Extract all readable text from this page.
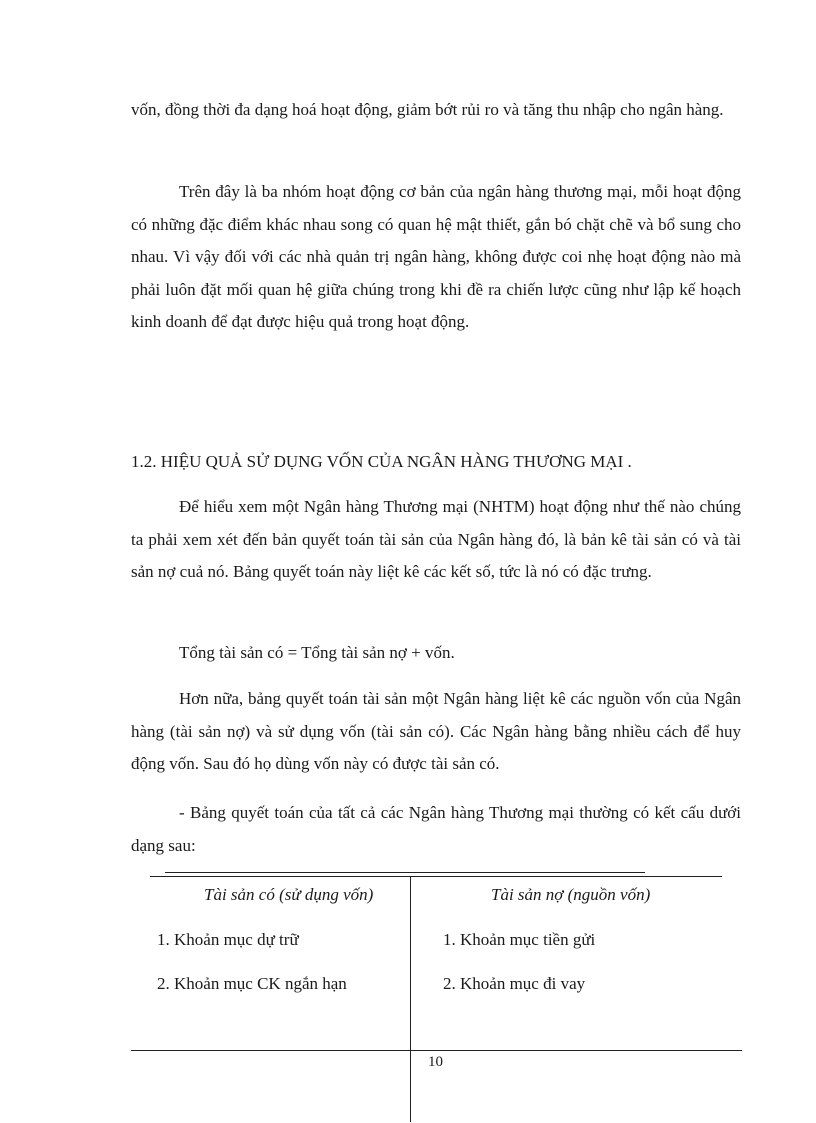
vốn, đồng thời đa dạng hoá hoạt động, giảm bớt rủi ro và tăng thu nhập cho ngân hàng.

Trên đây là ba nhóm hoạt động cơ bản của ngân hàng thương mại, mỗi hoạt động có những đặc điểm khác nhau song có quan hệ mật thiết, gắn bó chặt chẽ và bổ sung cho nhau. Vì vậy đối với các nhà quản trị ngân hàng, không được coi nhẹ hoạt động nào mà phải luôn đặt mối quan hệ giữa chúng trong khi đề ra chiến lược cũng như lập kế hoạch kinh doanh để đạt được hiệu quả trong hoạt động.

1.2. HIỆU QUẢ SỬ DỤNG VỐN CỦA NGÂN HÀNG THƯƠNG MẠI .

Để hiểu xem một Ngân hàng Thương mại (NHTM) hoạt động như thế nào chúng ta phải xem xét đến bản quyết toán tài sản của Ngân hàng đó, là bản kê tài sản có và tài sản nợ cuả nó. Bảng quyết toán này liệt kê các kết số, tức là nó có đặc trưng.

Tổng tài sản có = Tổng tài sản nợ + vốn.

Hơn nữa, bảng quyết toán tài sản một Ngân hàng liệt kê các nguồn vốn của Ngân hàng (tài sản nợ) và sử dụng vốn (tài sản có). Các Ngân hàng bằng nhiều cách để huy động vốn. Sau đó họ dùng vốn này có được tài sản có.

- Bảng quyết toán của tất cả các Ngân hàng Thương mại thường có kết cấu dưới dạng sau:

Tài sản có (sử dụng vốn)	Tài sản nợ (nguồn vốn)
1. Khoản mục dự trữ
2. Khoản mục CK ngắn hạn
1. Khoản mục tiền gửi
2. Khoản mục đi vay
10
